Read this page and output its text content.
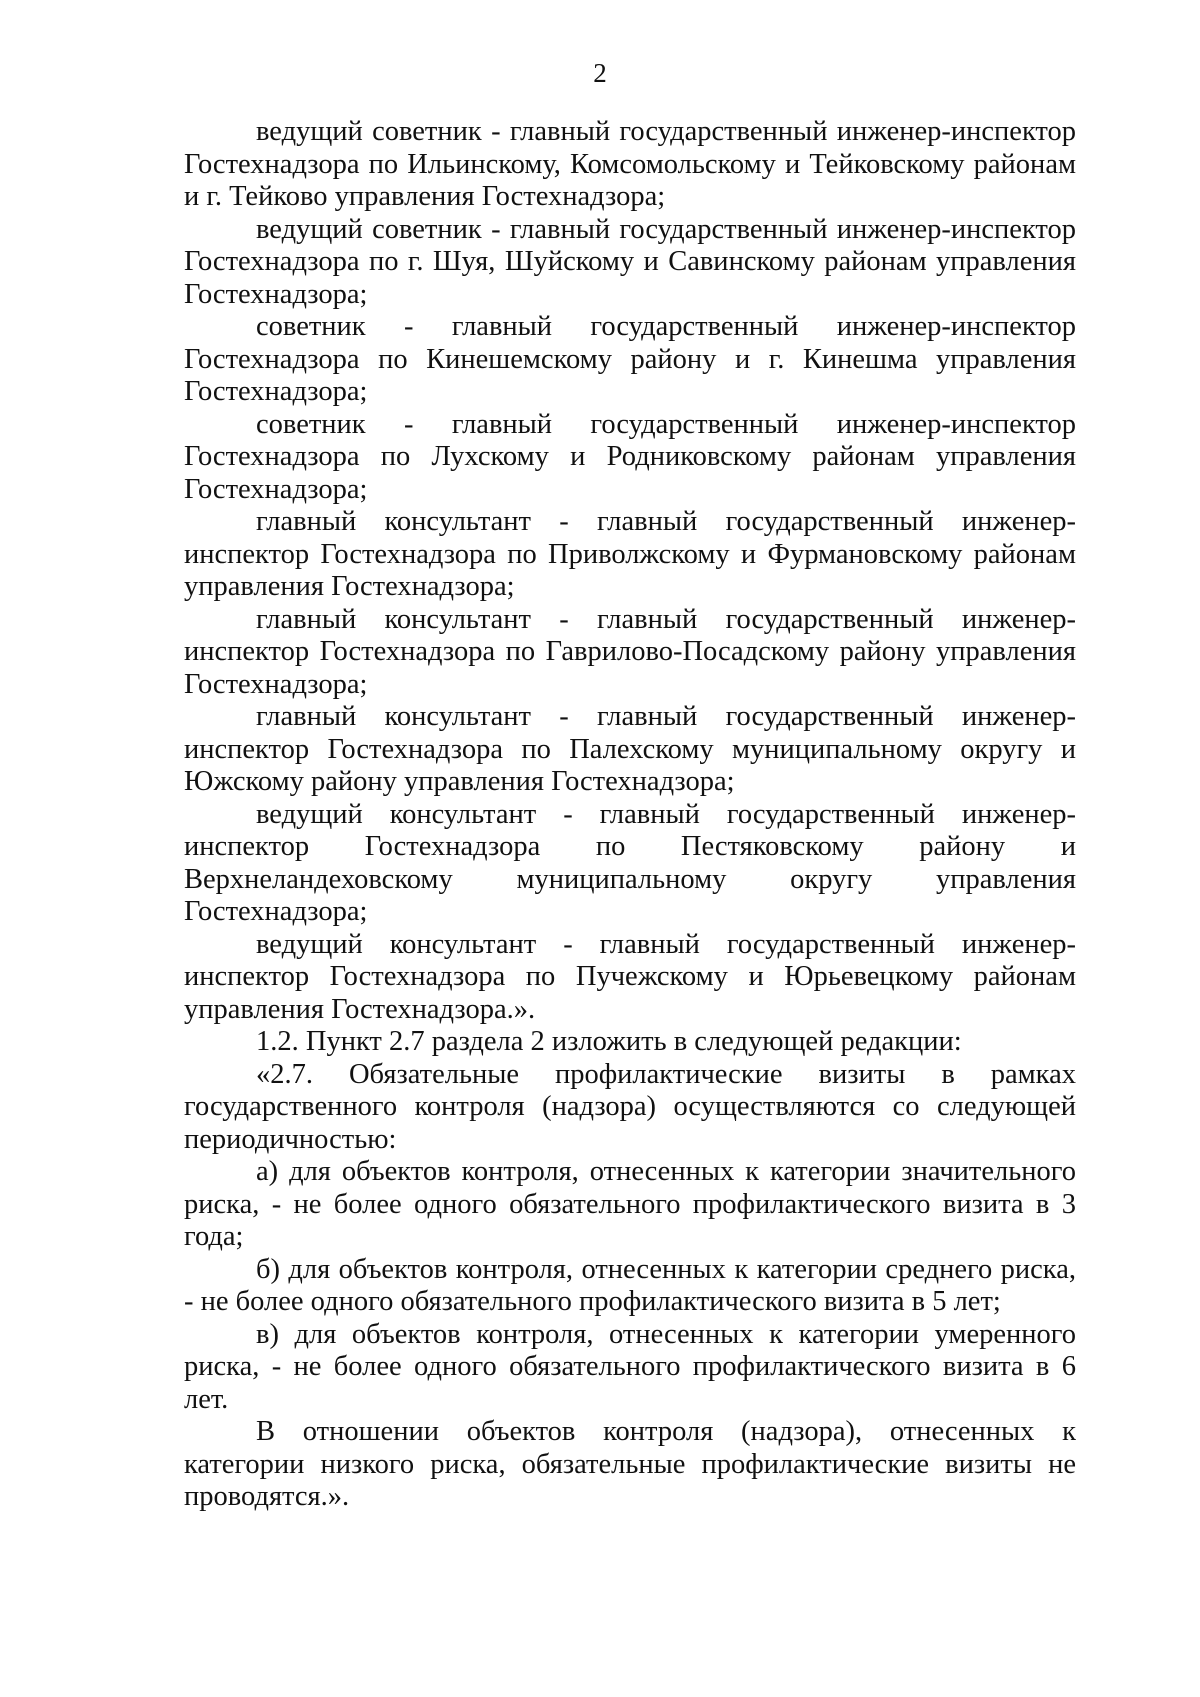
2

ведущий советник - главный государственный инженер-инспектор Гостехнадзора по Ильинскому, Комсомольскому и Тейковскому районам и г. Тейково управления Гостехнадзора;

ведущий советник - главный государственный инженер-инспектор Гостехнадзора по г. Шуя, Шуйскому и Савинскому районам управления Гостехнадзора;

советник - главный государственный инженер-инспектор Гостехнадзора по Кинешемскому району и г. Кинешма управления Гостехнадзора;

советник - главный государственный инженер-инспектор Гостехнадзора по Лухскому и Родниковскому районам управления Гостехнадзора;

главный консультант - главный государственный инженер-инспектор Гостехнадзора по Приволжскому и Фурмановскому районам управления Гостехнадзора;

главный консультант - главный государственный инженер-инспектор Гостехнадзора по Гаврилово-Посадскому району управления Гостехнадзора;

главный консультант - главный государственный инженер-инспектор Гостехнадзора по Палехскому муниципальному округу и Южскому району управления Гостехнадзора;

ведущий консультант - главный государственный инженер-инспектор Гостехнадзора по Пестяковскому району и Верхнеландеховскому муниципальному округу управления Гостехнадзора;

ведущий консультант - главный государственный инженер-инспектор Гостехнадзора по Пучежскому и Юрьевецкому районам управления Гостехнадзора.».

1.2. Пункт 2.7 раздела 2 изложить в следующей редакции:

«2.7. Обязательные профилактические визиты в рамках государственного контроля (надзора) осуществляются со следующей периодичностью:

а) для объектов контроля, отнесенных к категории значительного риска, - не более одного обязательного профилактического визита в 3 года;

б) для объектов контроля, отнесенных к категории среднего риска, - не более одного обязательного профилактического визита в 5 лет;

в) для объектов контроля, отнесенных к категории умеренного риска, - не более одного обязательного профилактического визита в 6 лет.

В отношении объектов контроля (надзора), отнесенных к категории низкого риска, обязательные профилактические визиты не проводятся.».
